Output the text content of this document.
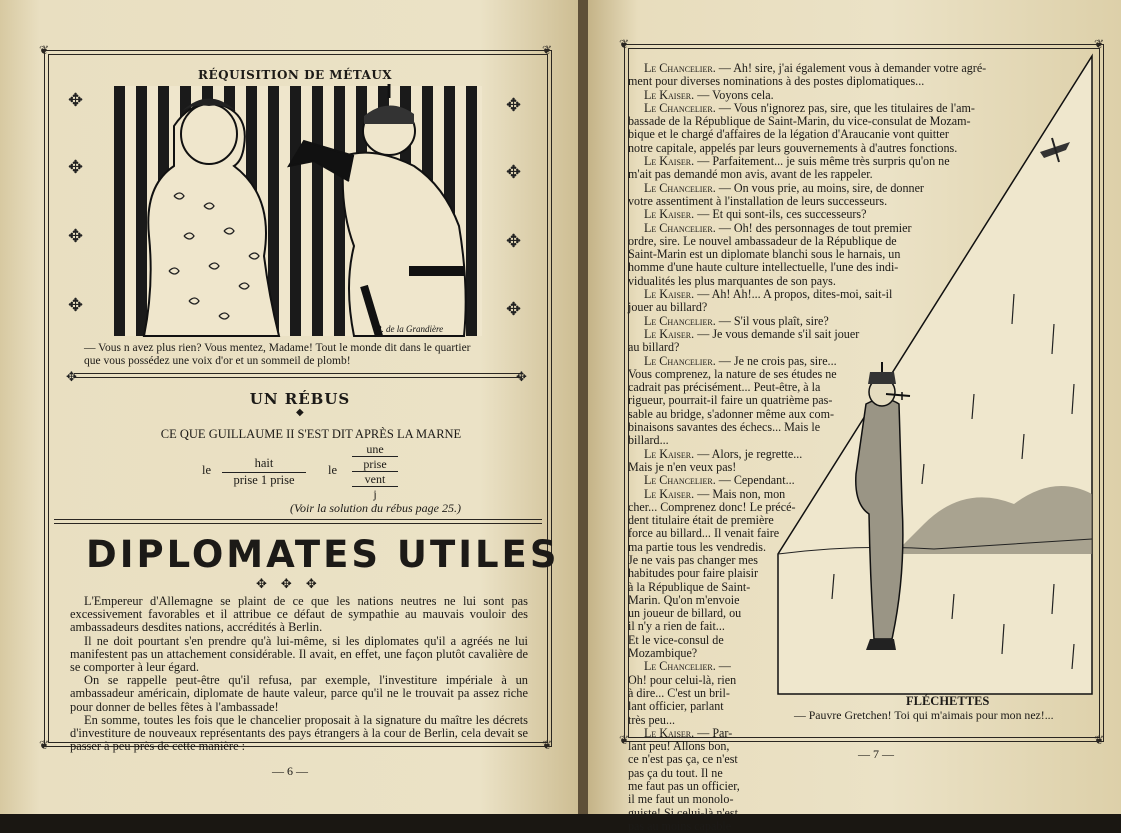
❦	❦
❦	❦
RÉQUISITION DE MÉTAUX
✥
✥
✥
✥
✥
✥
✥
✥
R. de la Grandière
— Vous n avez plus rien? Vous mentez, Madame! Tout le monde dit dans le quartier
que vous possédez une voix d'or et un sommeil de plomb!
✥	✥
UN RÉBUS
◆
CE QUE GUILLAUME II S'EST DIT APRÈS LA MARNE
le	hait
prise 1 prise
le
une
prise
vent
j
(Voir la solution du rébus page 25.)
DIPLOMATES UTILES
✥✥✥

L'Empereur d'Allemagne se plaint de ce que les nations neutres ne lui sont pas excessivement favorables et il attribue ce défaut de sympathie au mauvais vouloir des ambassadeurs desdites nations, accrédités à Berlin.

Il ne doit pourtant s'en prendre qu'à lui-même, si les diplomates qu'il a agréés ne lui manifestent pas un attachement considérable. Il avait, en effet, une façon plutôt cavalière de se comporter à leur égard.

On se rappelle peut-être qu'il refusa, par exemple, l'investiture impériale à un ambassadeur américain, diplomate de haute valeur, parce qu'il ne le trouvait pa assez riche pour donner de belles fêtes à l'ambassade!

En somme, toutes les fois que le chancelier proposait à la signature du maître les décrets d'investiture de nouveaux représentants des pays étrangers à la cour de Berlin, cela devait se passer à peu près de cette manière :

— 6 —
❦	❦
❦	❦
Le Chancelier. — Ah! sire, j'ai également vous à demander votre agré-
ment pour diverses nominations à des postes diplomatiques...
Le Kaiser. — Voyons cela.
Le Chancelier. — Vous n'ignorez pas, sire, que les titulaires de l'am-
bassade de la République de Saint-Marin, du vice-consulat de Mozam-
bique et le chargé d'affaires de la légation d'Araucanie vont quitter
notre capitale, appelés par leurs gouvernements à d'autres fonctions.
Le Kaiser. — Parfaitement... je suis même très surpris qu'on ne
m'ait pas demandé mon avis, avant de les rappeler.
Le Chancelier. — On vous prie, au moins, sire, de donner
votre assentiment à l'installation de leurs successeurs.
Le Kaiser. — Et qui sont-ils, ces successeurs?
Le Chancelier. — Oh! des personnages de tout premier
ordre, sire. Le nouvel ambassadeur de la République de
Saint-Marin est un diplomate blanchi sous le harnais, un
homme d'une haute culture intellectuelle, l'une des indi-
vidualités les plus marquantes de son pays.
Le Kaiser. — Ah! Ah!... A propos, dites-moi, sait-il
jouer au billard?
Le Chancelier. — S'il vous plaît, sire?
Le Kaiser. — Je vous demande s'il sait jouer
au billard?
Le Chancelier. — Je ne crois pas, sire...
Vous comprenez, la nature de ses études ne
cadrait pas précisément... Peut-être, à la
rigueur, pourrait-il faire un quatrième pas-
sable au bridge, s'adonner même aux com-
binaisons savantes des échecs... Mais le
billard...
Le Kaiser. — Alors, je regrette...
Mais je n'en veux pas!
Le Chancelier. — Cependant...
Le Kaiser. — Mais non, mon
cher... Comprenez donc! Le précé-
dent titulaire était de première
force au billard... Il venait faire
ma partie tous les vendredis.
Je ne vais pas changer mes
habitudes pour faire plaisir
à la République de Saint-
Marin. Qu'on m'envoie
un joueur de billard, ou
il n'y a rien de fait...
Et le vice-consul de
Mozambique?
Le Chancelier. —
Oh! pour celui-là, rien
à dire... C'est un bril-
lant officier, parlant
très peu...
Le Kaiser. — Par-
lant peu! Allons bon,
ce n'est pas ça, ce n'est
pas ça du tout. Il ne
me faut pas un officier,
il me faut un monolo-
guiste! Si celui-là n'est
pas au moins capable
FLÉCHETTES
— Pauvre Gretchen! Toi qui m'aimais pour mon nez!...
— 7 —
